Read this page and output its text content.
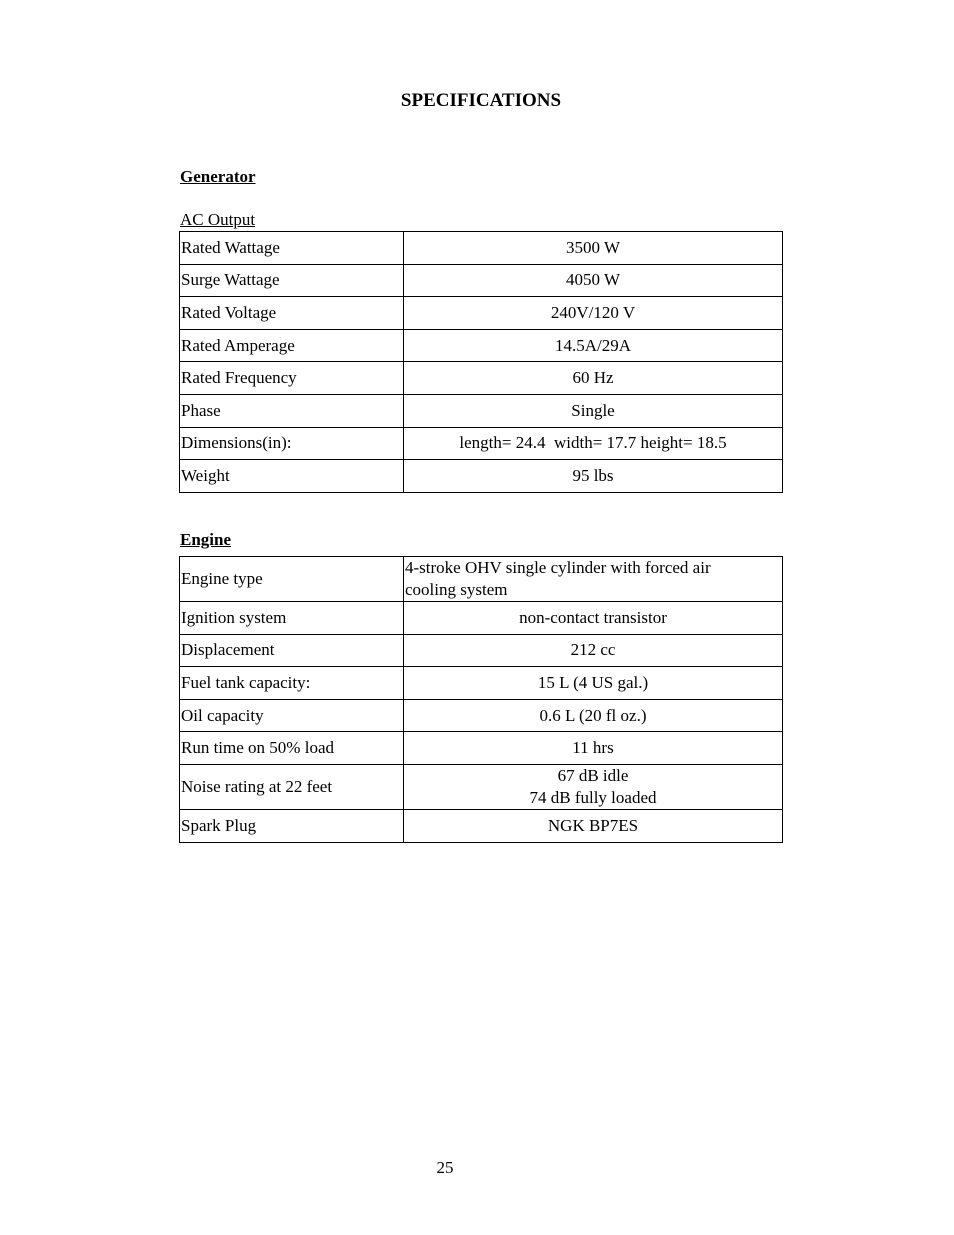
SPECIFICATIONS
Generator
AC Output
Rated Wattage	3500 W
Surge Wattage	4050 W
Rated Voltage	240V/120 V
Rated Amperage	14.5A/29A
Rated Frequency	60 Hz
Phase	Single
Dimensions(in):	length= 24.4  width= 17.7 height= 18.5
Weight	95 lbs
Engine
Engine type	4-stroke OHV single cylinder with forced air
cooling system

Ignition system	non-contact transistor
Displacement	212 cc
Fuel tank capacity:	15 L (4 US gal.)
Oil capacity	0.6 L (20 fl oz.)
Run time on 50% load	11 hrs
Noise rating at 22 feet	67 dB idle
74 dB fully loaded

Spark Plug	NGK BP7ES
25
